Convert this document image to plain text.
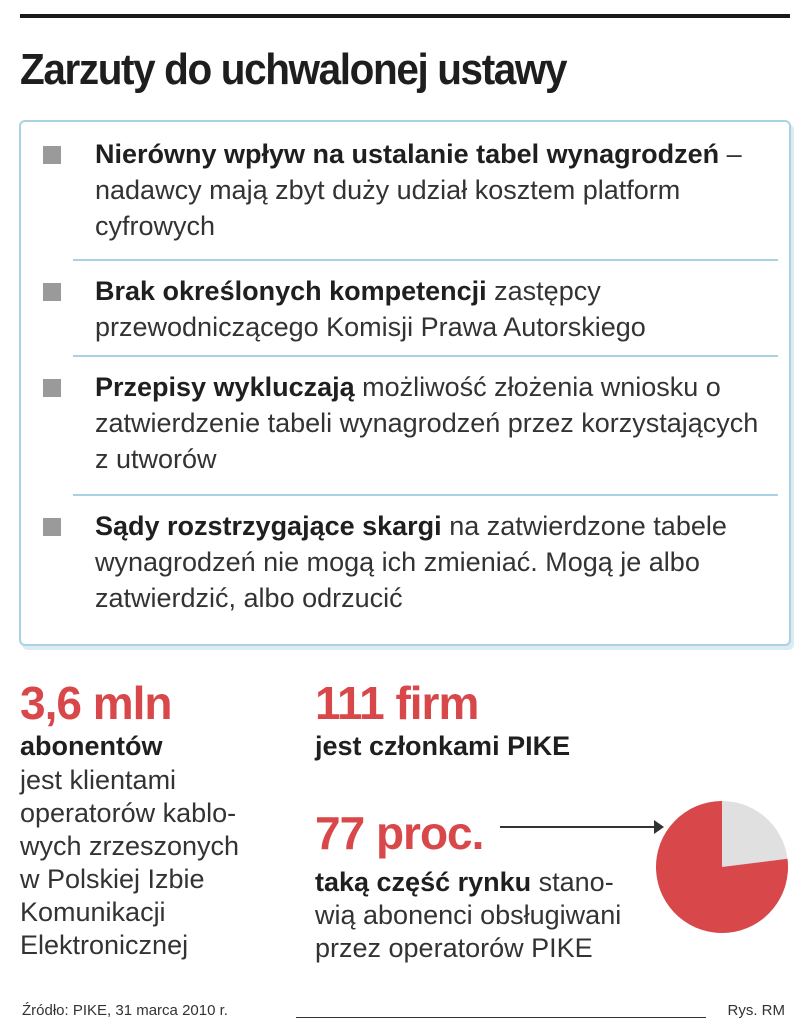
Zarzuty do uchwalonej ustawy
Nierówny wpływ na ustalanie tabel wynagrodzeń – nadawcy mają zbyt duży udział kosztem platform cyfrowych
Brak określonych kompetencji zastępcy przewodniczącego Komisji Prawa Autorskiego
Przepisy wykluczają możliwość złożenia wniosku o zatwierdzenie tabeli wynagrodzeń przez korzystających z utworów
Sądy rozstrzygające skargi na zatwierdzone tabele wynagrodzeń nie mogą ich zmieniać. Mogą je albo zatwierdzić, albo odrzucić
3,6 mln
abonentów
jest klientami
operatorów kablo-
wych zrzeszonych
w Polskiej Izbie
Komunikacji
Elektronicznej
111 firm
jest członkami PIKE
77 proc.
taką część rynku stano-
wią abonenci obsługiwani
przez operatorów PIKE
Źródło: PIKE, 31 marca 2010 r.	Rys. RM
